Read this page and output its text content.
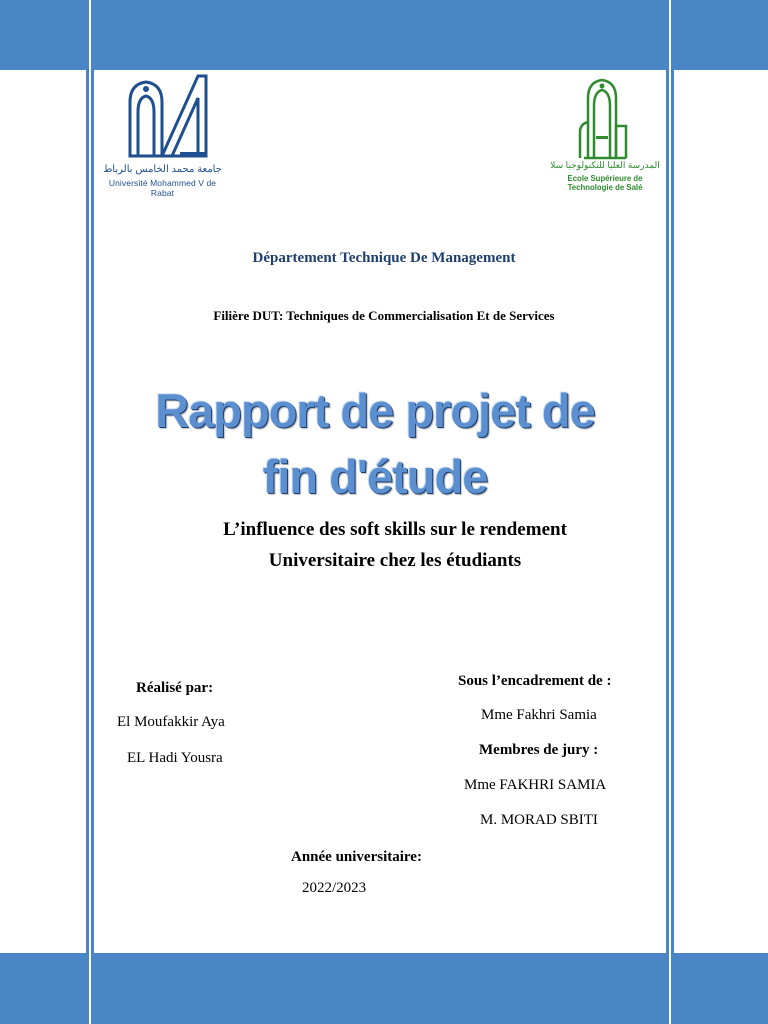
جامعة محمد الخامس بالرباط
Université Mohammed V de Rabat
المدرسة العليا للتكنولوجيا سلا
Ecole Supérieure de Technologie de Salé
Département Technique De Management
Filière DUT: Techniques de Commercialisation Et de Services
Rapport de projet de
fin d'étude
L’influence des soft skills sur le rendement
Universitaire chez les étudiants
Réalisé par:
El Moufakkir Aya
EL Hadi Yousra
Sous l’encadrement de :
Mme Fakhri Samia
Membres de jury :
Mme FAKHRI SAMIA
M. MORAD SBITI
Année universitaire:
2022/2023
